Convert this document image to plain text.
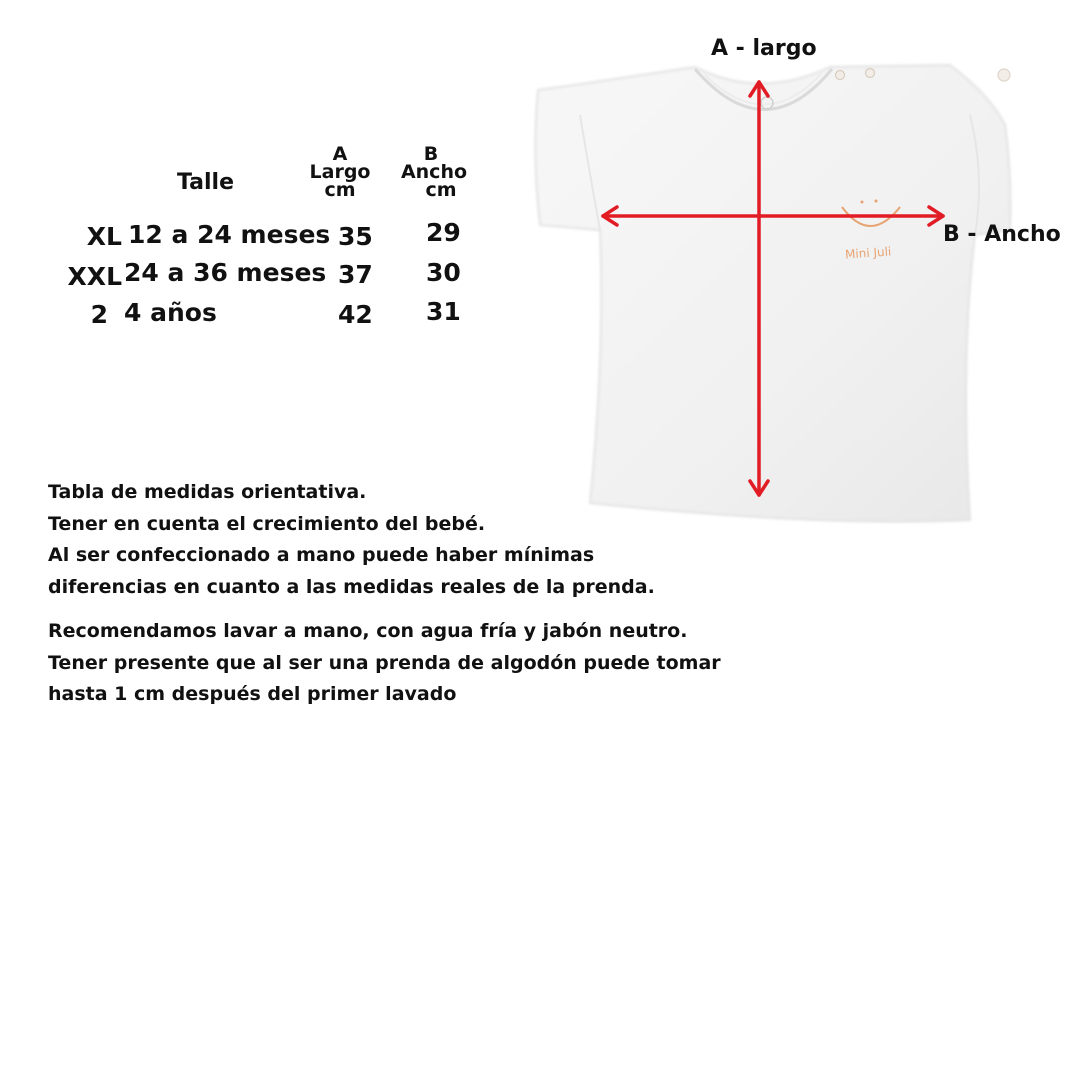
Talle
A
Largo
cm
B
Ancho
cm
XL 12 a 24 meses 35 29
XXL 24 a 36 meses 37 30
2 4 años	42 31
Tabla de medidas orientativa.
Tener en cuenta el crecimiento del bebé.
Al ser confeccionado a mano puede haber mínimas
diferencias en cuanto a las medidas reales de la prenda.
Recomendamos lavar a mano, con agua fría y jabón neutro.
Tener presente que al ser una prenda de algodón puede tomar
hasta 1 cm después del primer lavado
Mini Juli
A - largo
B - Ancho
